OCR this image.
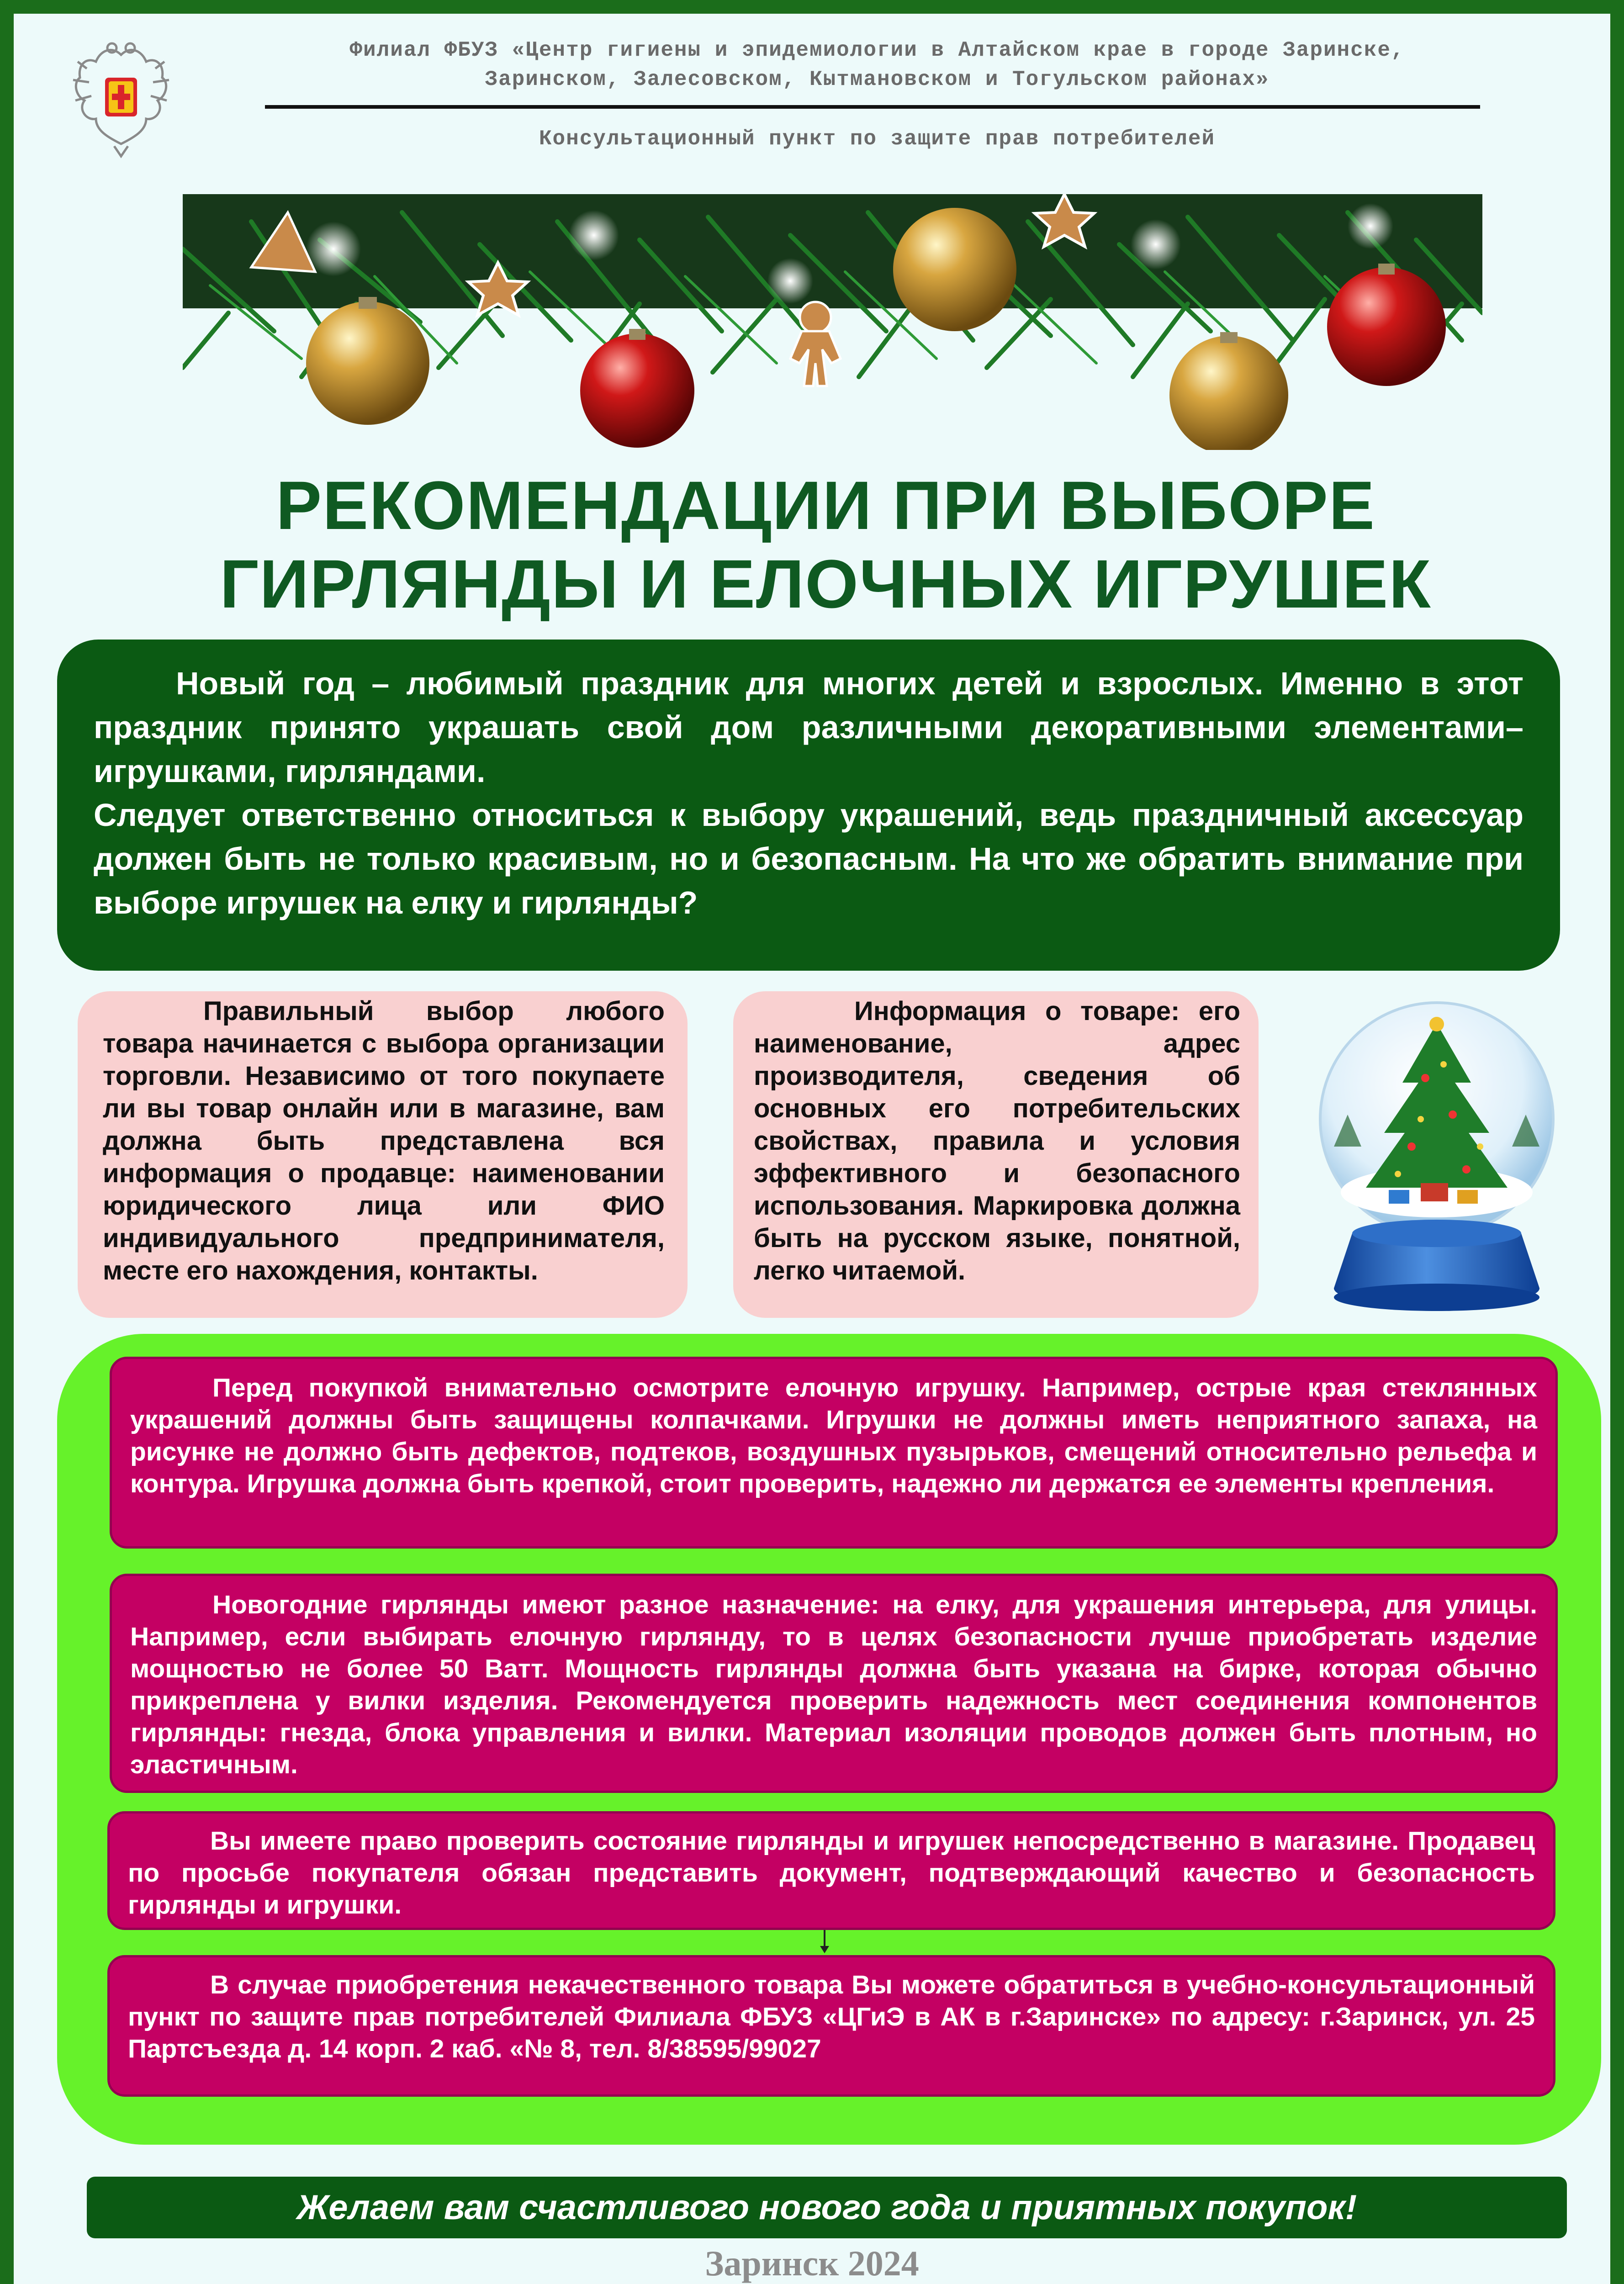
Филиал ФБУЗ «Центр гигиены и эпидемиологии в Алтайском крае в городе Заринске,
Заринском, Залесовском, Кытмановском и Тогульском районах»
Консультационный пункт по защите прав потребителей
РЕКОМЕНДАЦИИ ПРИ ВЫБОРЕ
ГИРЛЯНДЫ И ЕЛОЧНЫХ ИГРУШЕК

Новый год – любимый праздник для многих детей и взрослых. Именно в этот праздник принято украшать свой дом различными декоративными элементами–игрушками, гирляндами.

Следует ответственно относиться к выбору украшений, ведь праздничный аксессуар должен быть не только красивым, но и безопасным. На что же обратить внимание при выборе игрушек на елку и гирлянды?

Правильный выбор любого товара начинается с выбора организации торговли. Независимо от того покупаете ли вы товар онлайн или в магазине, вам должна быть представлена вся информация о продавце: наименовании юридического лица или ФИО индивидуального предпринимателя, месте его нахождения, контакты.

Информация о товаре: его наименование, адрес производителя, сведения об основных его потребительских свойствах, правила и условия эффективного и безопасного использования. Маркировка должна быть на русском языке, понятной, легко читаемой.

Перед покупкой внимательно осмотрите елочную игрушку. Например, острые края стеклянных украшений должны быть защищены колпачками. Игрушки не должны иметь неприятного запаха, на рисунке не должно быть дефектов, подтеков, воздушных пузырьков, смещений относительно рельефа и контура. Игрушка должна быть крепкой, стоит проверить, надежно ли держатся ее элементы крепления.

Новогодние гирлянды имеют разное назначение: на елку, для украшения интерьера, для улицы. Например, если выбирать елочную гирлянду, то в целях безопасности лучше приобретать изделие мощностью не более 50 Ватт. Мощность гирлянды должна быть указана на бирке, которая обычно прикреплена у вилки изделия. Рекомендуется проверить надежность мест соединения компонентов гирлянды: гнезда, блока управления и вилки. Материал изоляции проводов должен быть плотным, но эластичным.

Вы имеете право проверить состояние гирлянды и игрушек непосредственно в магазине. Продавец по просьбе покупателя обязан представить документ, подтверждающий качество и безопасность гирлянды и игрушки.

В случае приобретения некачественного товара Вы можете обратиться в учебно-консультационный пункт по защите прав потребителей Филиала ФБУЗ «ЦГиЭ в АК в г.Заринске» по адресу: г.Заринск, ул. 25 Партсъезда д. 14 корп. 2 каб. «№ 8, тел. 8/38595/99027

Желаем вам счастливого нового года и приятных покупок!
Заринск 2024
